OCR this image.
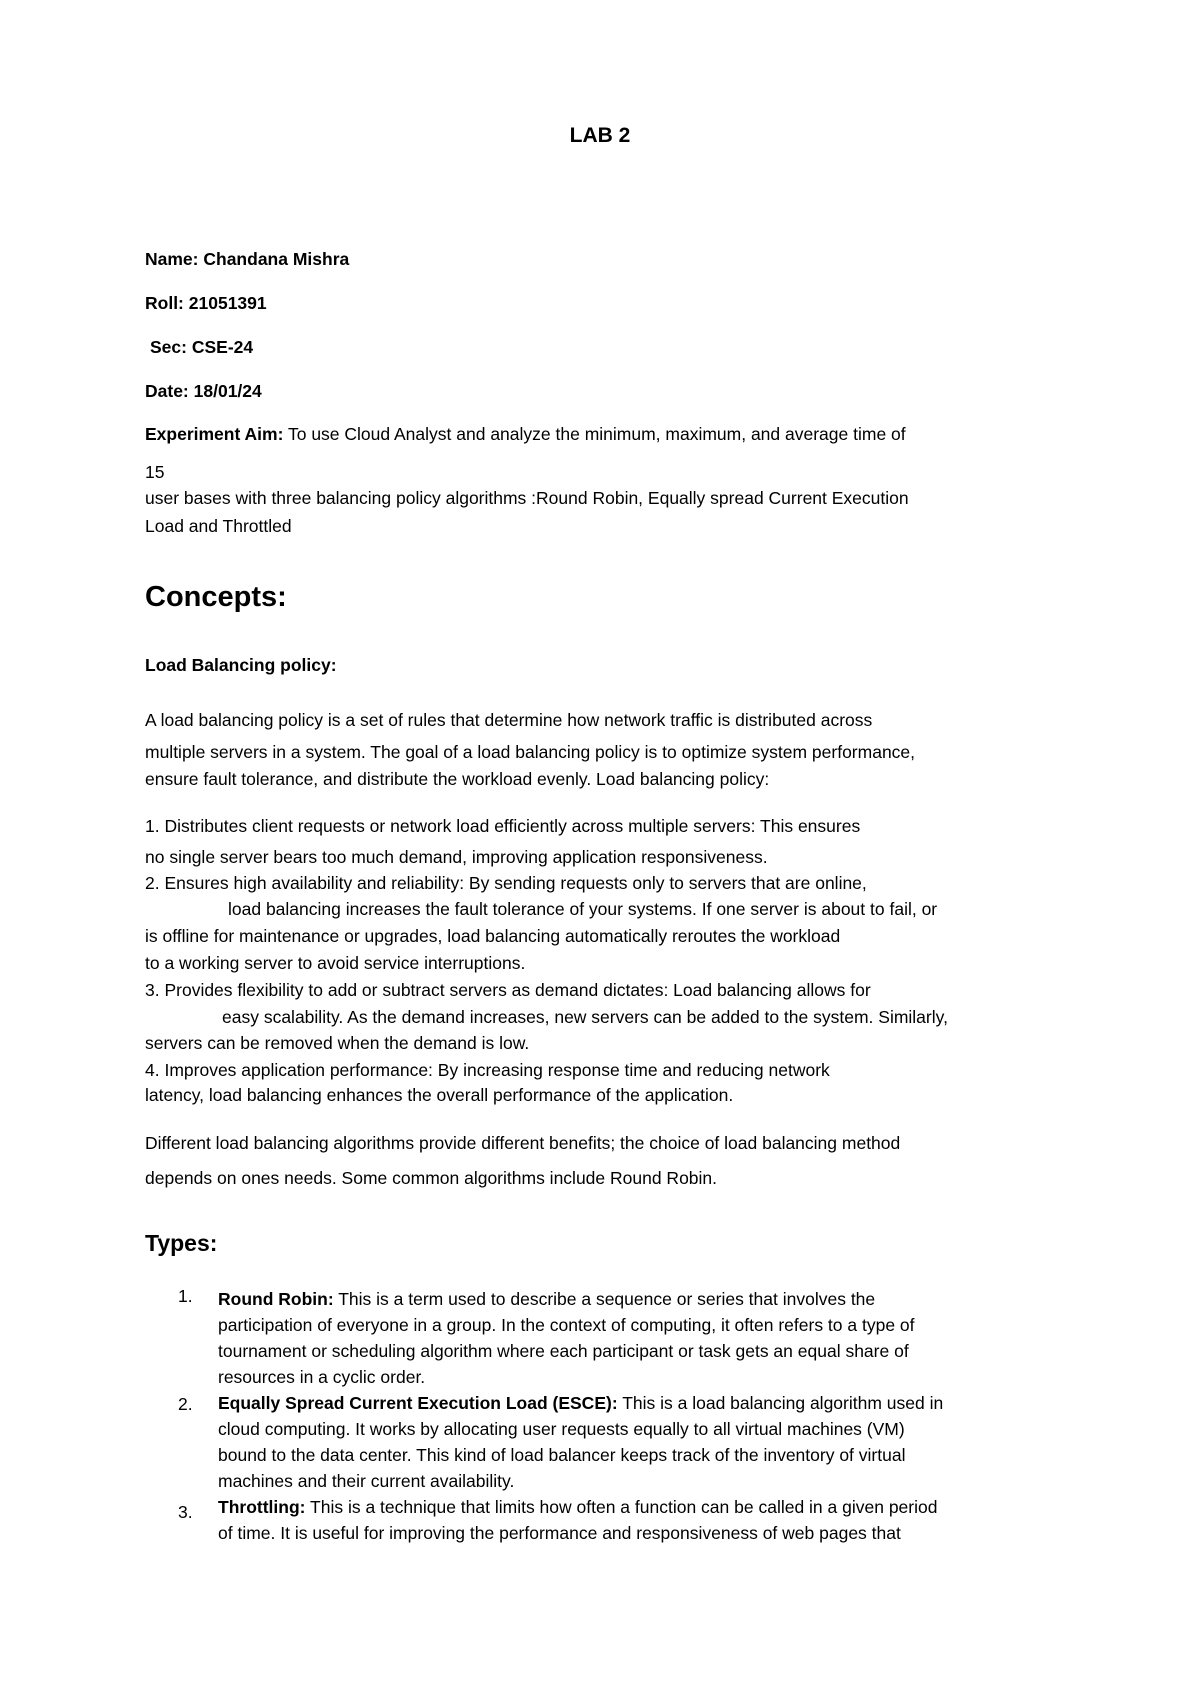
LAB 2
Name: Chandana Mishra
Roll: 21051391
Sec: CSE-24
Date: 18/01/24
Experiment Aim: To use Cloud Analyst and analyze the minimum, maximum, and average time of
15
user bases with three balancing policy algorithms :Round Robin, Equally spread Current Execution
Load and Throttled
Concepts:
Load Balancing policy:
A load balancing policy is a set of rules that determine how network traffic is distributed across
multiple servers in a system. The goal of a load balancing policy is to optimize system performance,
ensure fault tolerance, and distribute the workload evenly. Load balancing policy:
1. Distributes client requests or network load efficiently across multiple servers: This ensures
no single server bears too much demand, improving application responsiveness.
2. Ensures high availability and reliability: By sending requests only to servers that are online,
load balancing increases the fault tolerance of your systems. If one server is about to fail, or
is offline for maintenance or upgrades, load balancing automatically reroutes the workload
to a working server to avoid service interruptions.
3. Provides flexibility to add or subtract servers as demand dictates: Load balancing allows for
easy scalability. As the demand increases, new servers can be added to the system. Similarly,
servers can be removed when the demand is low.
4. Improves application performance: By increasing response time and reducing network
latency, load balancing enhances the overall performance of the application.
Different load balancing algorithms provide different benefits; the choice of load balancing method
depends on ones needs. Some common algorithms include Round Robin.
Types:
1. Round Robin: This is a term used to describe a sequence or series that involves the
participation of everyone in a group. In the context of computing, it often refers to a type of
tournament or scheduling algorithm where each participant or task gets an equal share of
resources in a cyclic order.
2. Equally Spread Current Execution Load (ESCE): This is a load balancing algorithm used in
cloud computing. It works by allocating user requests equally to all virtual machines (VM)
bound to the data center. This kind of load balancer keeps track of the inventory of virtual
machines and their current availability.
3. Throttling: This is a technique that limits how often a function can be called in a given period
of time. It is useful for improving the performance and responsiveness of web pages that
